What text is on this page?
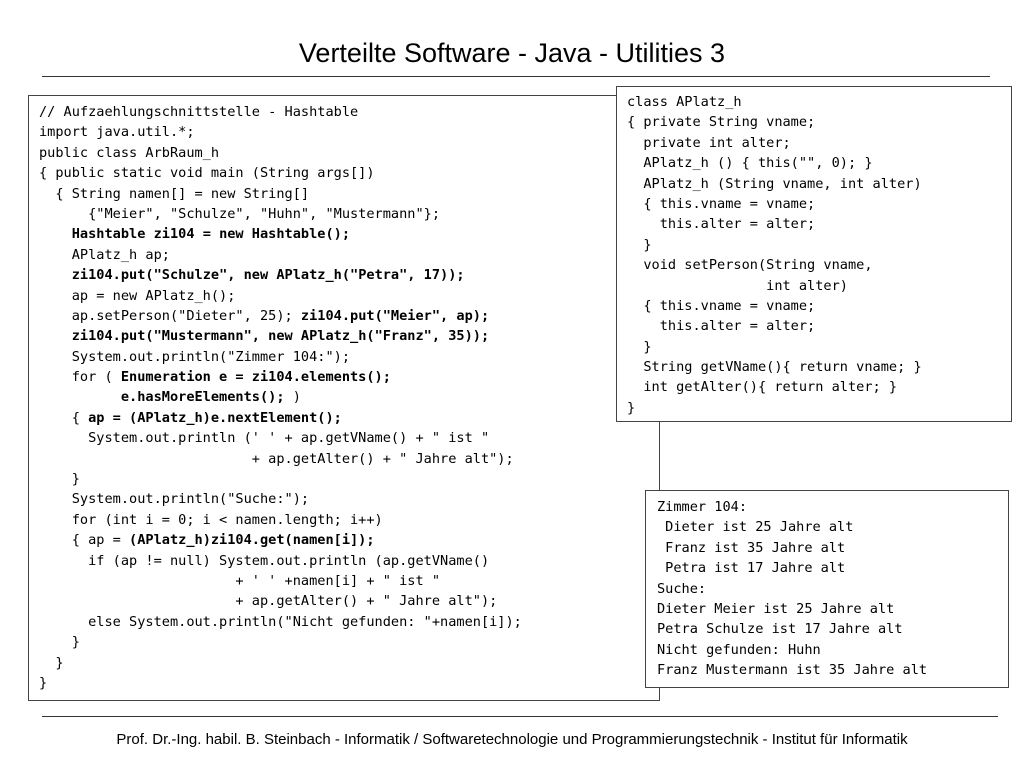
Verteilte Software - Java - Utilities 3
// Aufzaehlungschnittstelle - Hashtable
import java.util.*;
public class ArbRaum_h
{ public static void main (String args[])
{ String namen[] = new String[]
{"Meier", "Schulze", "Huhn", "Mustermann"};
Hashtable zi104 = new Hashtable();
APlatz_h ap;
zi104.put("Schulze", new APlatz_h("Petra", 17));
ap = new APlatz_h();
ap.setPerson("Dieter", 25); zi104.put("Meier", ap);
zi104.put("Mustermann", new APlatz_h("Franz", 35));
System.out.println("Zimmer 104:");
for ( Enumeration e = zi104.elements();
e.hasMoreElements(); )
{ ap = (APlatz_h)e.nextElement();
System.out.println (' ' + ap.getVName() + " ist "
+ ap.getAlter() + " Jahre alt");
}
System.out.println("Suche:");
for (int i = 0; i < namen.length; i++)
{ ap = (APlatz_h)zi104.get(namen[i]);
if (ap != null) System.out.println (ap.getVName()
+ ' ' +namen[i] + " ist "
+ ap.getAlter() + " Jahre alt");
else System.out.println("Nicht gefunden: "+namen[i]);
}
}
}
class APlatz_h
{ private String vname;
private int alter;
APlatz_h () { this("", 0); }
APlatz_h (String vname, int alter)
{ this.vname = vname;
this.alter = alter;
}
void setPerson(String vname,
int alter)
{ this.vname = vname;
this.alter = alter;
}
String getVName(){ return vname; }
int getAlter(){ return alter; }
}
Zimmer 104:
Dieter ist 25 Jahre alt
Franz ist 35 Jahre alt
Petra ist 17 Jahre alt
Suche:
Dieter Meier ist 25 Jahre alt
Petra Schulze ist 17 Jahre alt
Nicht gefunden: Huhn
Franz Mustermann ist 35 Jahre alt
Prof. Dr.-Ing. habil. B. Steinbach - Informatik / Softwaretechnologie und Programmierungstechnik - Institut für Informatik
